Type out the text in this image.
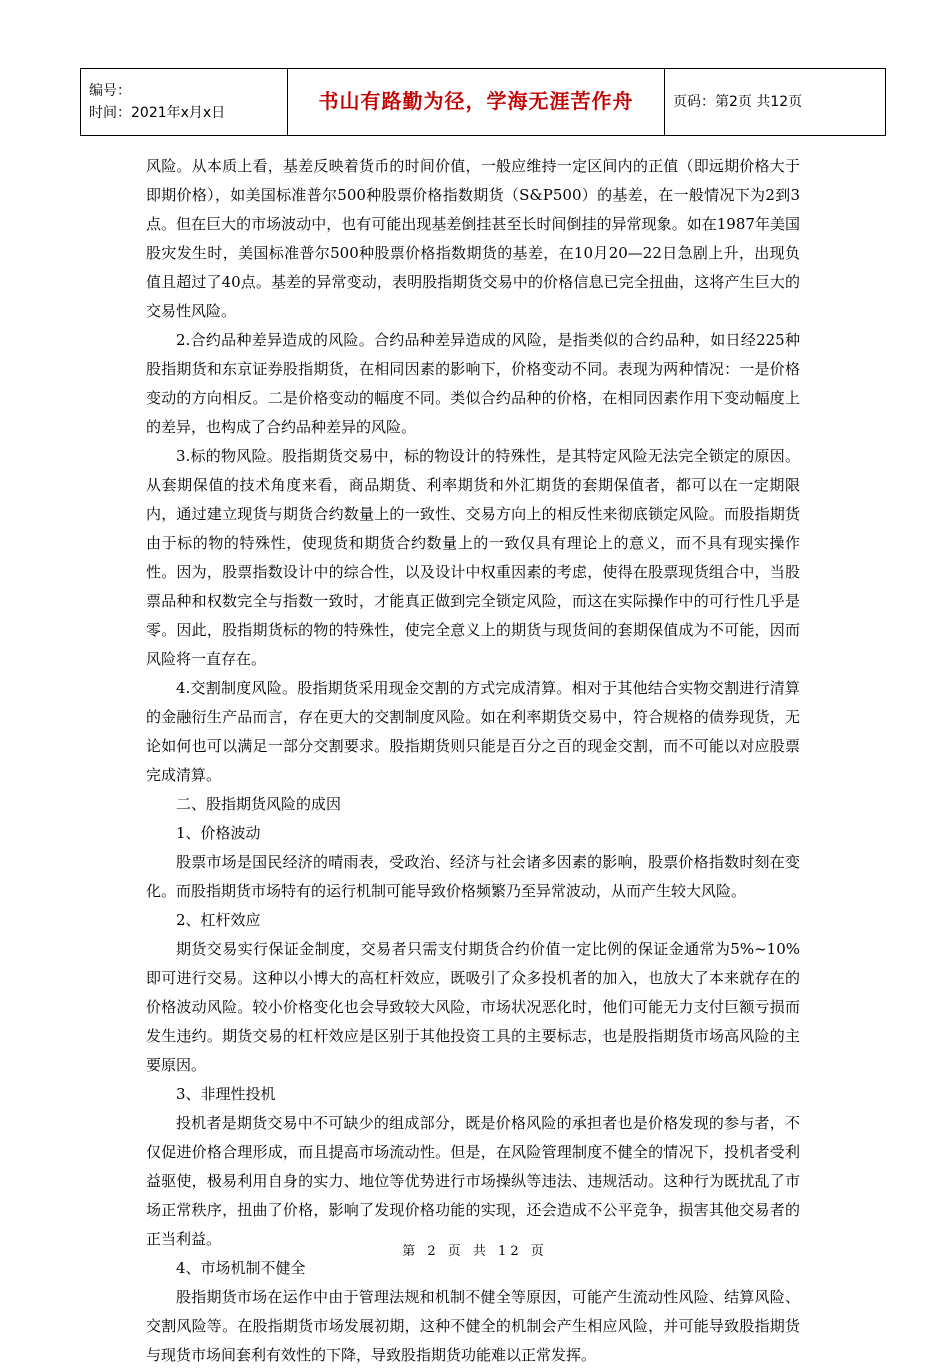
编号：
时间：2021年x月x日
	书山有路勤为径，学海无涯苦作舟	页码：第2页 共12页

风险。从本质上看，基差反映着货币的时间价值，一般应维持一定区间内的正值（即远期价格大于即期价格），如美国标准普尔500种股票价格指数期货（S&P500）的基差，在一般情况下为2到3点。但在巨大的市场波动中，也有可能出现基差倒挂甚至长时间倒挂的异常现象。如在1987年美国股灾发生时，美国标准普尔500种股票价格指数期货的基差，在10月20—22日急剧上升，出现负值且超过了40点。基差的异常变动，表明股指期货交易中的价格信息已完全扭曲，这将产生巨大的交易性风险。

2.合约品种差异造成的风险。合约品种差异造成的风险，是指类似的合约品种，如日经225种股指期货和东京证券股指期货，在相同因素的影响下，价格变动不同。表现为两种情况：一是价格变动的方向相反。二是价格变动的幅度不同。类似合约品种的价格，在相同因素作用下变动幅度上的差异，也构成了合约品种差异的风险。

3.标的物风险。股指期货交易中，标的物设计的特殊性，是其特定风险无法完全锁定的原因。从套期保值的技术角度来看，商品期货、利率期货和外汇期货的套期保值者，都可以在一定期限内，通过建立现货与期货合约数量上的一致性、交易方向上的相反性来彻底锁定风险。而股指期货由于标的物的特殊性，使现货和期货合约数量上的一致仅具有理论上的意义，而不具有现实操作性。因为，股票指数设计中的综合性，以及设计中权重因素的考虑，使得在股票现货组合中，当股票品种和权数完全与指数一致时，才能真正做到完全锁定风险，而这在实际操作中的可行性几乎是零。因此，股指期货标的物的特殊性，使完全意义上的期货与现货间的套期保值成为不可能，因而风险将一直存在。

4.交割制度风险。股指期货采用现金交割的方式完成清算。相对于其他结合实物交割进行清算的金融衍生产品而言，存在更大的交割制度风险。如在利率期货交易中，符合规格的债券现货，无论如何也可以满足一部分交割要求。股指期货则只能是百分之百的现金交割，而不可能以对应股票完成清算。

二、股指期货风险的成因

1、价格波动

股票市场是国民经济的晴雨表，受政治、经济与社会诸多因素的影响，股票价格指数时刻在变化。而股指期货市场特有的运行机制可能导致价格频繁乃至异常波动，从而产生较大风险。

2、杠杆效应

期货交易实行保证金制度，交易者只需支付期货合约价值一定比例的保证金通常为5%~10%即可进行交易。这种以小博大的高杠杆效应，既吸引了众多投机者的加入，也放大了本来就存在的价格波动风险。较小价格变化也会导致较大风险，市场状况恶化时，他们可能无力支付巨额亏损而发生违约。期货交易的杠杆效应是区别于其他投资工具的主要标志，也是股指期货市场高风险的主要原因。

3、非理性投机

投机者是期货交易中不可缺少的组成部分，既是价格风险的承担者也是价格发现的参与者，不仅促进价格合理形成，而且提高市场流动性。但是，在风险管理制度不健全的情况下，投机者受利益驱使，极易利用自身的实力、地位等优势进行市场操纵等违法、违规活动。这种行为既扰乱了市场正常秩序，扭曲了价格，影响了发现价格功能的实现，还会造成不公平竞争，损害其他交易者的正当利益。

4、市场机制不健全

股指期货市场在运作中由于管理法规和机制不健全等原因，可能产生流动性风险、结算风险、交割风险等。在股指期货市场发展初期，这种不健全的机制会产生相应风险，并可能导致股指期货与现货市场间套利有效性的下降，导致股指期货功能难以正常发挥。

第 2 页 共 12 页
